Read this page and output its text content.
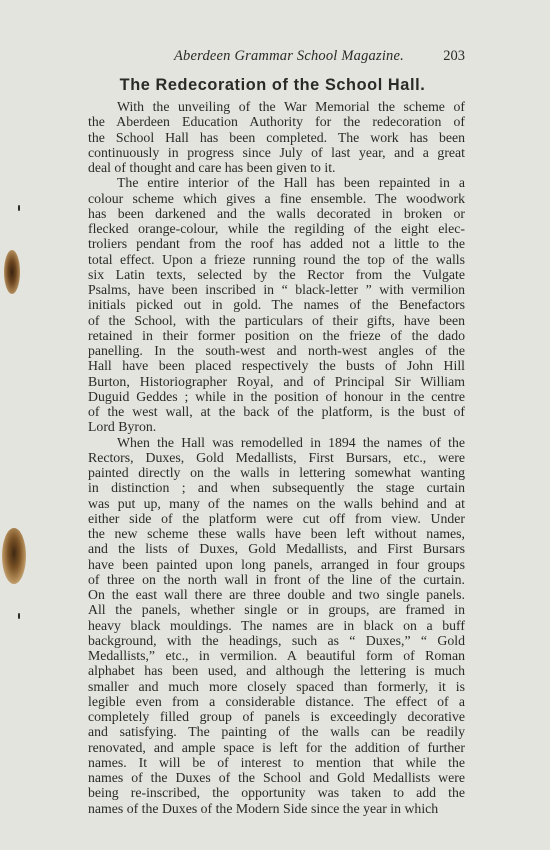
Aberdeen Grammar School Magazine.	203
The Redecoration of the School Hall.
With the unveiling of the War Memorial the scheme of
the Aberdeen Education Authority for the redecoration of
the School Hall has been completed. The work has been
continuously in progress since July of last year, and a great
deal of thought and care has been given to it.
The entire interior of the Hall has been repainted in a
colour scheme which gives a fine ensemble. The woodwork
has been darkened and the walls decorated in broken or
flecked orange-colour, while the regilding of the eight elec-
troliers pendant from the roof has added not a little to the
total effect. Upon a frieze running round the top of the walls
six Latin texts, selected by the Rector from the Vulgate
Psalms, have been inscribed in “ black-letter ” with vermilion
initials picked out in gold. The names of the Benefactors
of the School, with the particulars of their gifts, have been
retained in their former position on the frieze of the dado
panelling. In the south-west and north-west angles of the
Hall have been placed respectively the busts of John Hill
Burton, Historiographer Royal, and of Principal Sir William
Duguid Geddes ; while in the position of honour in the centre
of the west wall, at the back of the platform, is the bust of
Lord Byron.
When the Hall was remodelled in 1894 the names of the
Rectors, Duxes, Gold Medallists, First Bursars, etc., were
painted directly on the walls in lettering somewhat wanting
in distinction ; and when subsequently the stage curtain
was put up, many of the names on the walls behind and at
either side of the platform were cut off from view. Under
the new scheme these walls have been left without names,
and the lists of Duxes, Gold Medallists, and First Bursars
have been painted upon long panels, arranged in four groups
of three on the north wall in front of the line of the curtain.
On the east wall there are three double and two single panels.
All the panels, whether single or in groups, are framed in
heavy black mouldings. The names are in black on a buff
background, with the headings, such as “ Duxes,” “ Gold
Medallists,” etc., in vermilion. A beautiful form of Roman
alphabet has been used, and although the lettering is much
smaller and much more closely spaced than formerly, it is
legible even from a considerable distance. The effect of a
completely filled group of panels is exceedingly decorative
and satisfying. The painting of the walls can be readily
renovated, and ample space is left for the addition of further
names. It will be of interest to mention that while the
names of the Duxes of the School and Gold Medallists were
being re-inscribed, the opportunity was taken to add the
names of the Duxes of the Modern Side since the year in which
